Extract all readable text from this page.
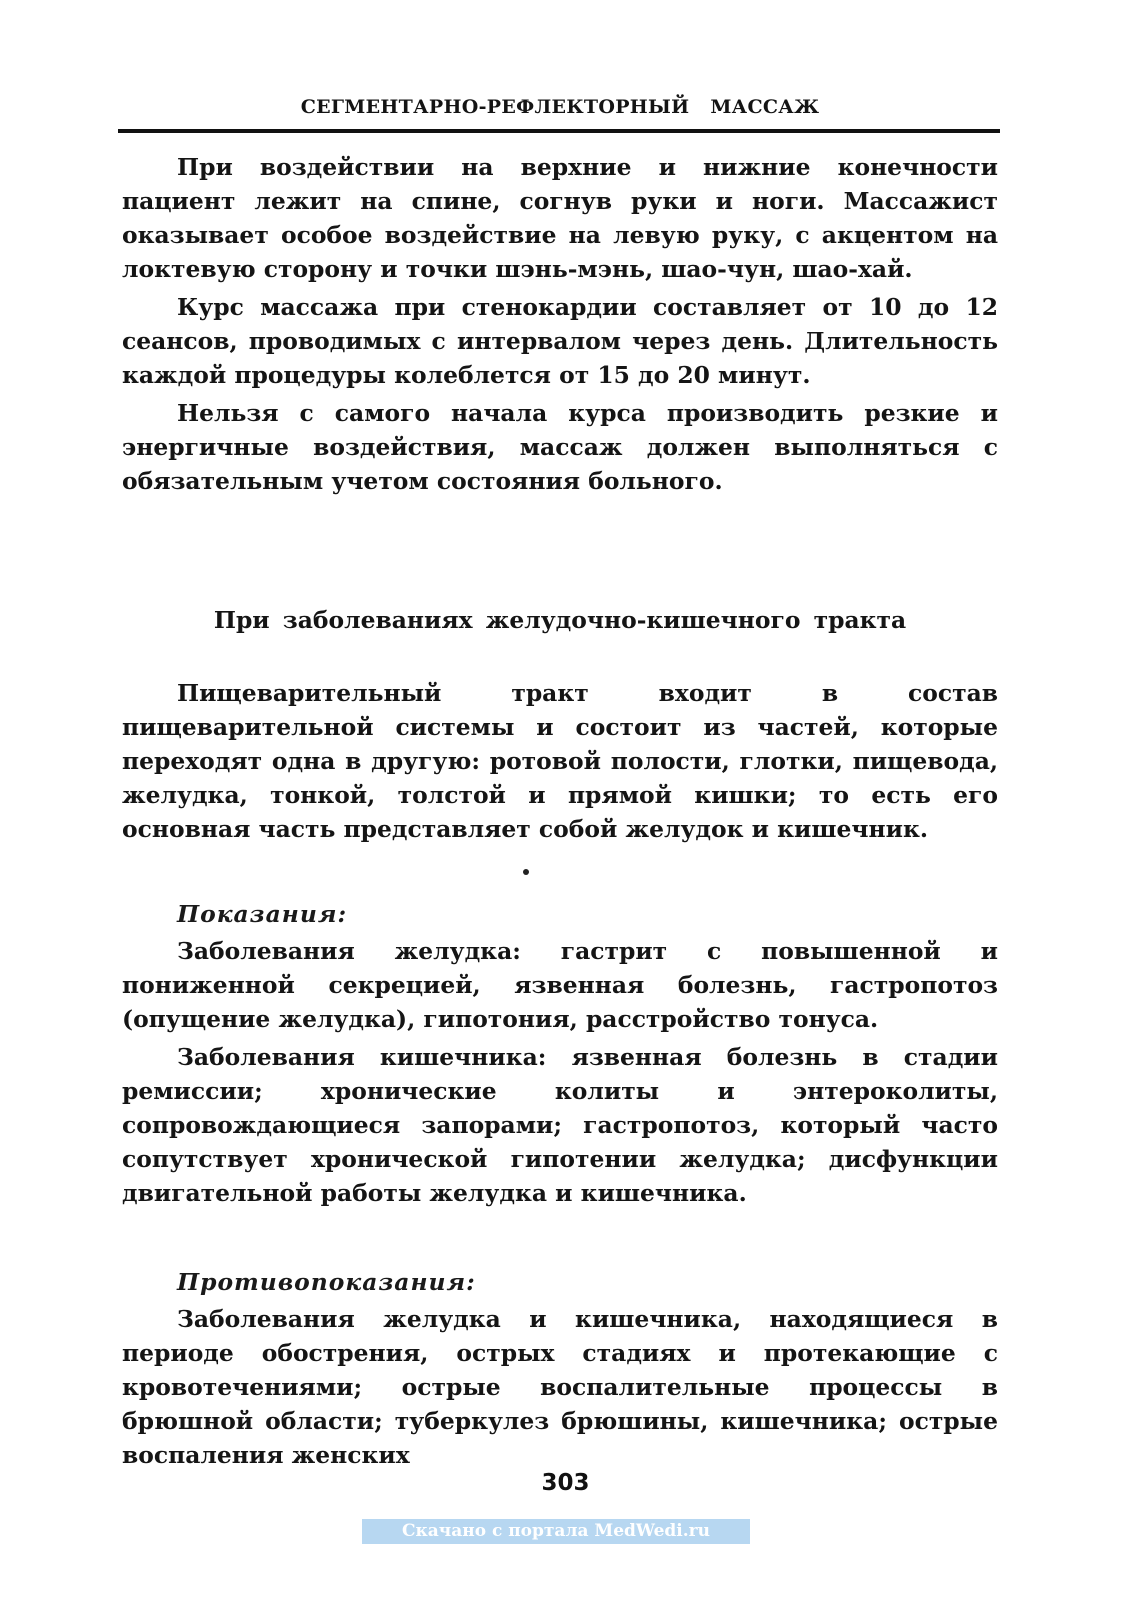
СЕГМЕНТАРНО-РЕФЛЕКТОРНЫЙ МАССАЖ

При воздействии на верхние и нижние конечности пациент лежит на спине, согнув руки и ноги. Массажист оказывает особое воздействие на левую руку, с акцентом на локтевую сторону и точки шэнь-мэнь, шао-чун, шао-хай.

Курс массажа при стенокардии составляет от 10 до 12 сеансов, проводимых с интервалом через день. Длительность каждой процедуры колеблется от 15 до 20 минут.

Нельзя с самого начала курса производить резкие и энергичные воздействия, массаж должен выполняться с обязательным учетом состояния больного.

При заболеваниях желудочно-кишечного тракта

Пищеварительный тракт входит в состав пищеварительной системы и состоит из частей, которые переходят одна в другую: ротовой полости, глотки, пищевода, желудка, тонкой, толстой и прямой кишки; то есть его основная часть представляет собой желудок и кишечник.

Показания:

Заболевания желудка: гастрит с повышенной и пониженной секрецией, язвенная болезнь, гастропотоз (опущение желудка), гипотония, расстройство тонуса.

Заболевания кишечника: язвенная болезнь в стадии ремиссии; хронические колиты и энтероколиты, сопровождающиеся запорами; гастропотоз, который часто сопутствует хронической гипотении желудка; дисфункции двигательной работы желудка и кишечника.

Противопоказания:

Заболевания желудка и кишечника, находящиеся в периоде обострения, острых стадиях и протекающие с кровотечениями; острые воспалительные процессы в брюшной области; туберкулез брюшины, кишечника; острые воспаления женских

303
Скачано с портала MedWedi.ru
